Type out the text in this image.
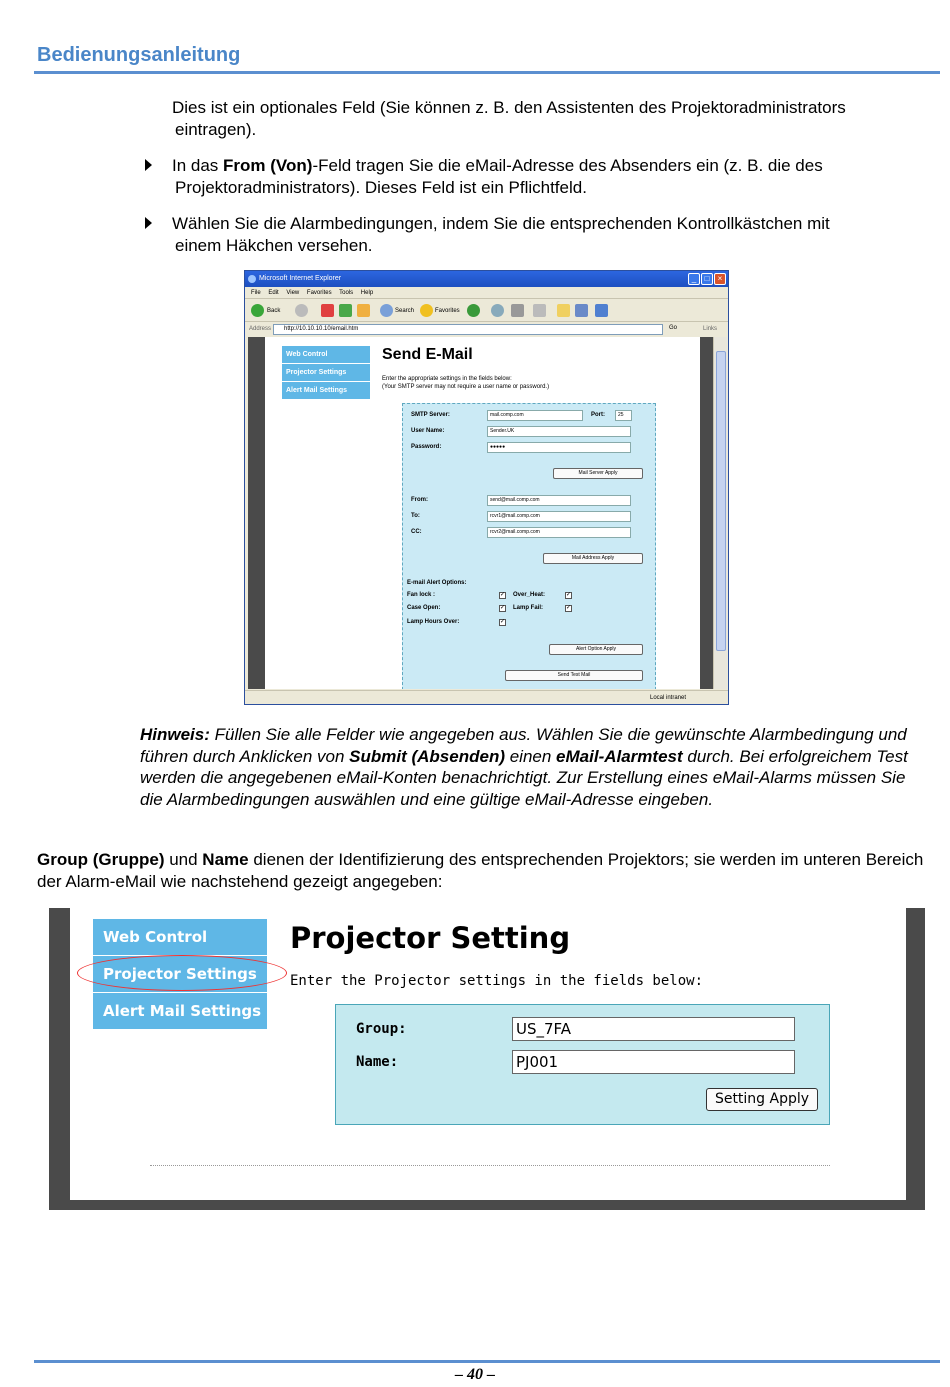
Bedienungsanleitung
Dies ist ein optionales Feld (Sie können z. B. den Assistenten des Projektoradministrators
eintragen).
In das From (Von)-Feld tragen Sie die eMail-Adresse des Absenders ein (z. B. die des
Projektoradministrators). Dieses Feld ist ein Pflichtfeld.
Wählen Sie die Alarmbedingungen, indem Sie die entsprechenden Kontrollkästchen mit
einem Häkchen versehen.
Microsoft Internet Explorer	_	□	×
File Edit View Favorites Tools Help
Back	Search	Favorites
Address	http://10.10.10.10/email.htm	Go	Links
Web Control
Projector Settings
Alert Mail Settings
Send E-Mail
Enter the appropriate settings in the fields below:
(Your SMTP server may not require a user name or password.)
SMTP Server:	mail.comp.com	Port:	25
User Name:	Sender.UK
Password:	●●●●●
Mail Server Apply
From:	send@mail.comp.com
To:	rcvr1@mail.comp.com
CC:	rcvr2@mail.comp.com
Mail Address Apply
E-mail Alert Options:
Fan lock :	✓ Over_Heat:	✓
Case Open:	✓ Lamp Fail:	✓
Lamp Hours Over:	✓
Alert Option Apply
Send Test Mail
Local intranet
Hinweis: Füllen Sie alle Felder wie angegeben aus. Wählen Sie die gewünschte Alarmbedingung und führen durch Anklicken von Submit (Absenden) einen eMail-Alarmtest durch. Bei erfolgreichem Test werden die angegebenen eMail-Konten benachrichtigt. Zur Erstellung eines eMail-Alarms müssen Sie die Alarmbedingungen auswählen und eine gültige eMail-Adresse eingeben.
Group (Gruppe) und Name dienen der Identifizierung des entsprechenden Projektors; sie werden im unteren Bereich der Alarm-eMail wie nachstehend gezeigt angegeben:
Web Control
Projector Settings
Alert Mail Settings
Projector Setting
Enter the Projector settings in the fields below:
Group:	US_7FA
Name:	PJ001
Setting Apply
– 40 –
